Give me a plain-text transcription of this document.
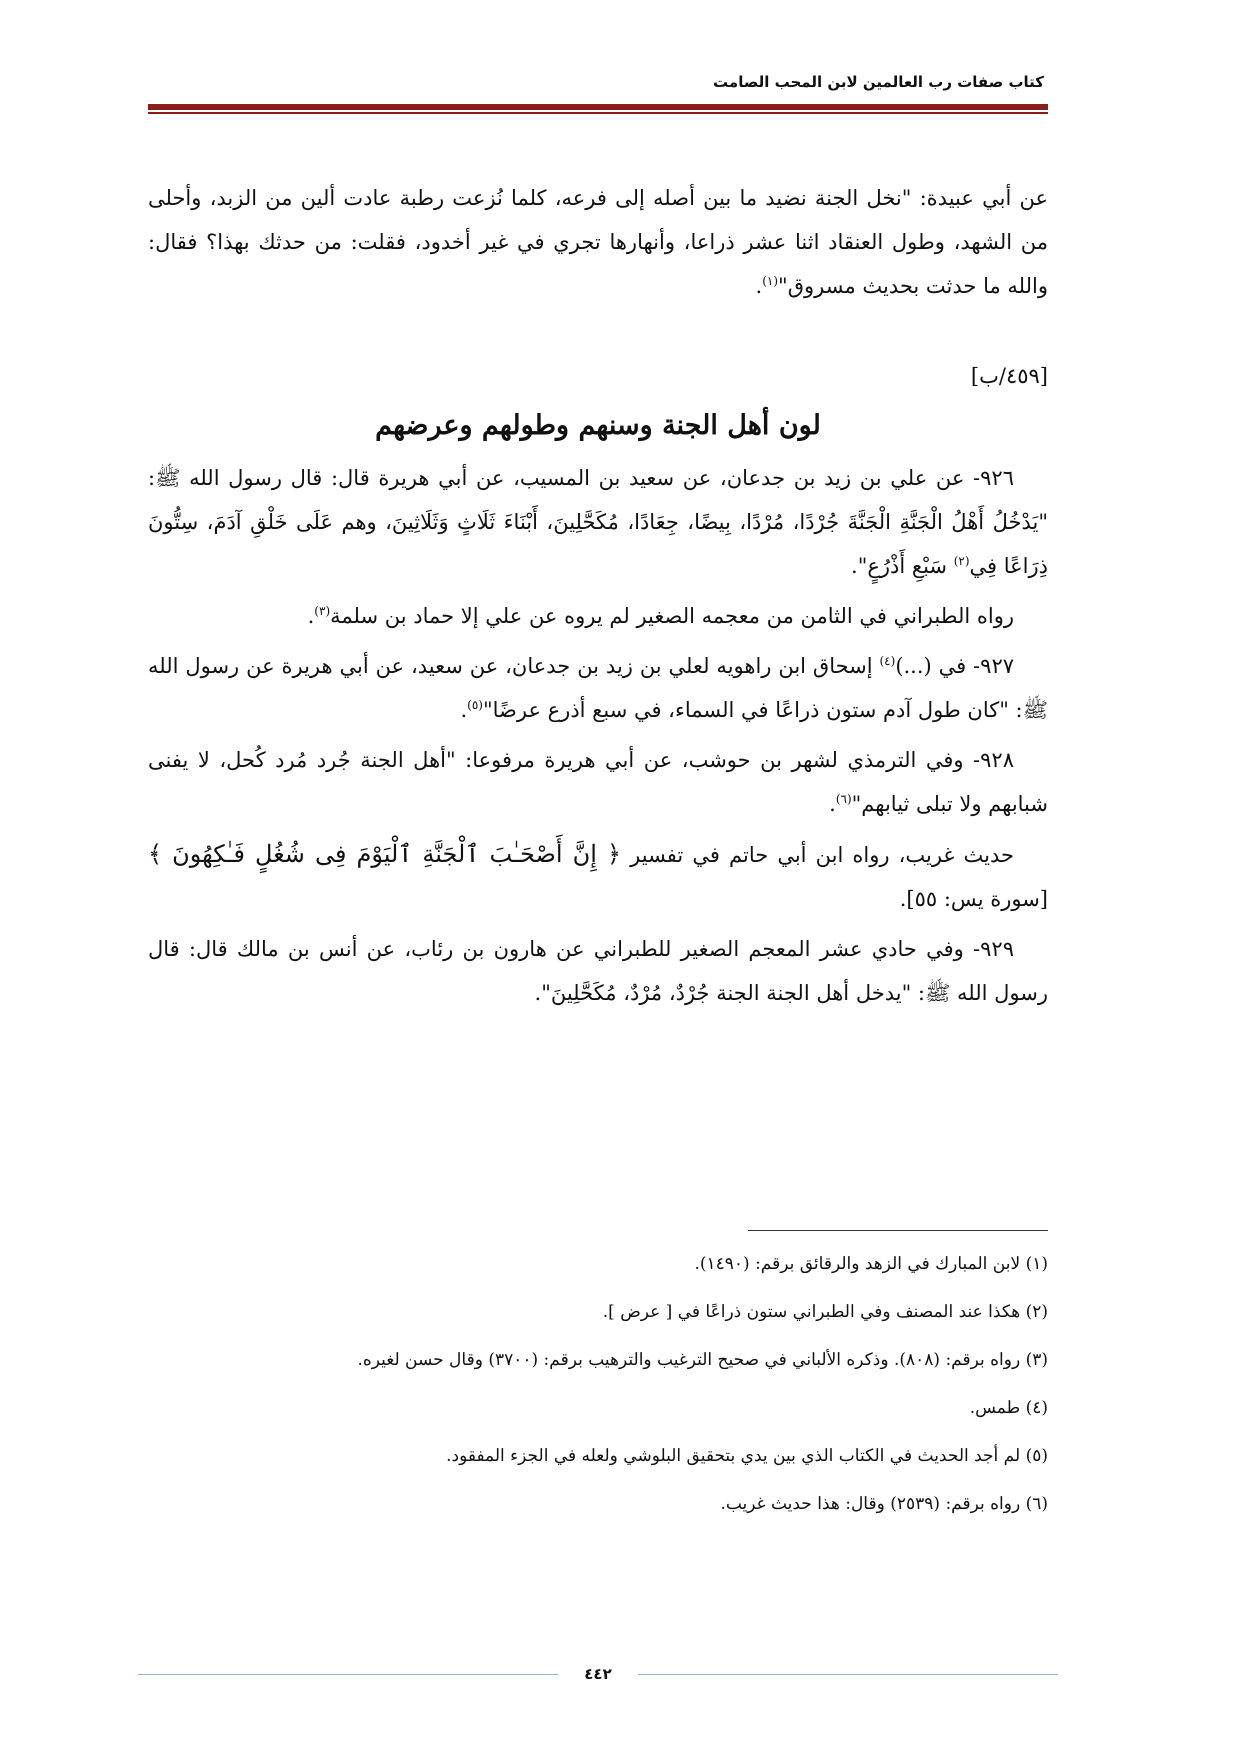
كتاب صفات رب العالمين لابن المحب الصامت

عن أبي عبيدة: "نخل الجنة نضيد ما بين أصله إلى فرعه، كلما نُزعت رطبة عادت ألين من الزبد، وأحلى من الشهد، وطول العنقاد اثنا عشر ذراعا، وأنهارها تجري في غير أخدود، فقلت: من حدثك بهذا؟ فقال: والله ما حدثت بحديث مسروق"$^{(١)}$.

[٤٥٩/ب]

لون أهل الجنة وسنهم وطولهم وعرضهم

٩٢٦- عن علي بن زيد بن جدعان، عن سعيد بن المسيب، عن أبي هريرة قال: قال رسول الله ﷺ: "يَدْخُلُ أَهْلُ الْجَنَّةِ الْجَنَّةَ جُرْدًا، مُرْدًا، بِيضًا، جِعَادًا، مُكَحَّلِينَ، أَبْنَاءَ ثَلَاثٍ وَثَلَاثِينَ، وهم عَلَى خَلْقِ آدَمَ، سِتُّونَ ذِرَاعًا فِي$^{(٢)}$ سَبْعِ أَذْرُعٍ".

رواه الطبراني في الثامن من معجمه الصغير لم يروه عن علي إلا حماد بن سلمة$^{(٣)}$.

٩٢٧- في (...)$^{(٤)}$ إسحاق ابن راهويه لعلي بن زيد بن جدعان، عن سعيد، عن أبي هريرة عن رسول الله ﷺ: "كان طول آدم ستون ذراعًا في السماء، في سبع أذرع عرضًا"$^{(٥)}$.

٩٢٨- وفي الترمذي لشهر بن حوشب، عن أبي هريرة مرفوعا: "أهل الجنة جُرد مُرد كُحل، لا يفنى شبابهم ولا تبلى ثيابهم"$^{(٦)}$.

حديث غريب، رواه ابن أبي حاتم في تفسير ﴿ إِنَّ أَصْحَـٰبَ ٱلْجَنَّةِ ٱلْيَوْمَ فِى شُغُلٍ فَـٰكِهُونَ ﴾ [سورة يس: ٥٥].

٩٢٩- وفي حادي عشر المعجم الصغير للطبراني عن هارون بن رئاب، عن أنس بن مالك قال: قال رسول الله ﷺ: "يدخل أهل الجنة الجنة جُرْدٌ، مُرْدٌ، مُكَحَّلِينَ".

(١) لابن المبارك في الزهد والرقائق برقم: (١٤٩٠).

(٢) هكذا عند المصنف وفي الطبراني ستون ذراعًا في [ عرض ].

(٣) رواه برقم: (٨٠٨). وذكره الألباني في صحيح الترغيب والترهيب برقم: (٣٧٠٠) وقال حسن لغيره.

(٤) طمس.

(٥) لم أجد الحديث في الكتاب الذي بين يدي بتحقيق البلوشي ولعله في الجزء المفقود.

(٦) رواه برقم: (٢٥٣٩) وقال: هذا حديث غريب.

٤٤٢
